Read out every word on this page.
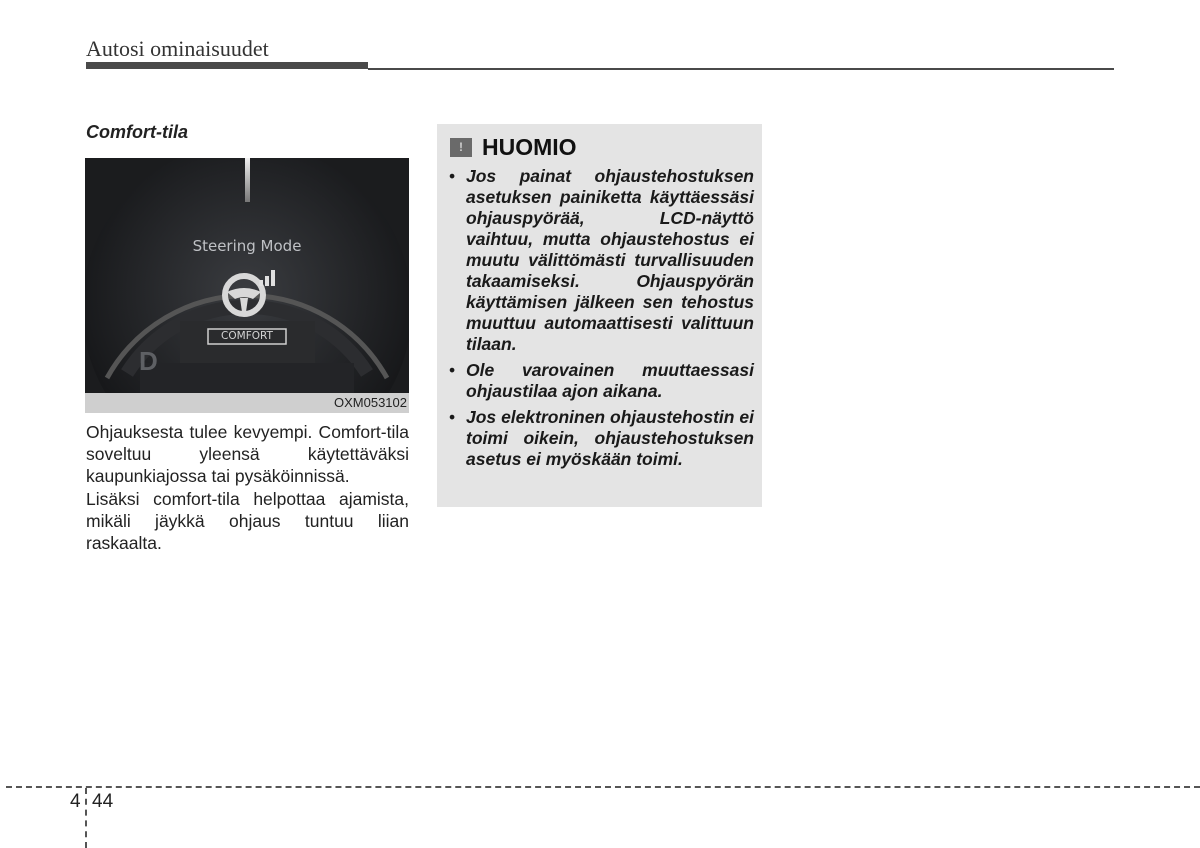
Autosi ominaisuudet
Comfort-tila
D
Steering Mode
COMFORT
OXM053102

Ohjauksesta tulee kevyempi. Comfort-tila soveltuu yleensä käytettäväksi kaupunkiajossa tai pysäköinnissä.

Lisäksi comfort-tila helpottaa ajamista, mikäli jäykkä ohjaus tuntuu liian raskaalta.

! HUOMIO
• Jos painat ohjaustehostuksen asetuksen painiketta käyttäessäsi ohjauspyörää, LCD-näyttö vaihtuu, mutta ohjaustehostus ei muutu välittömästi turvallisuuden takaamiseksi. Ohjauspyörän käyttämisen jälkeen sen tehostus muuttuu automaattisesti valittuun tilaan.
• Ole varovainen muuttaessasi ohjaustilaa ajon aikana.
• Jos elektroninen ohjaustehostin ei toimi oikein, ohjaustehostuksen asetus ei myöskään toimi.
4 44
